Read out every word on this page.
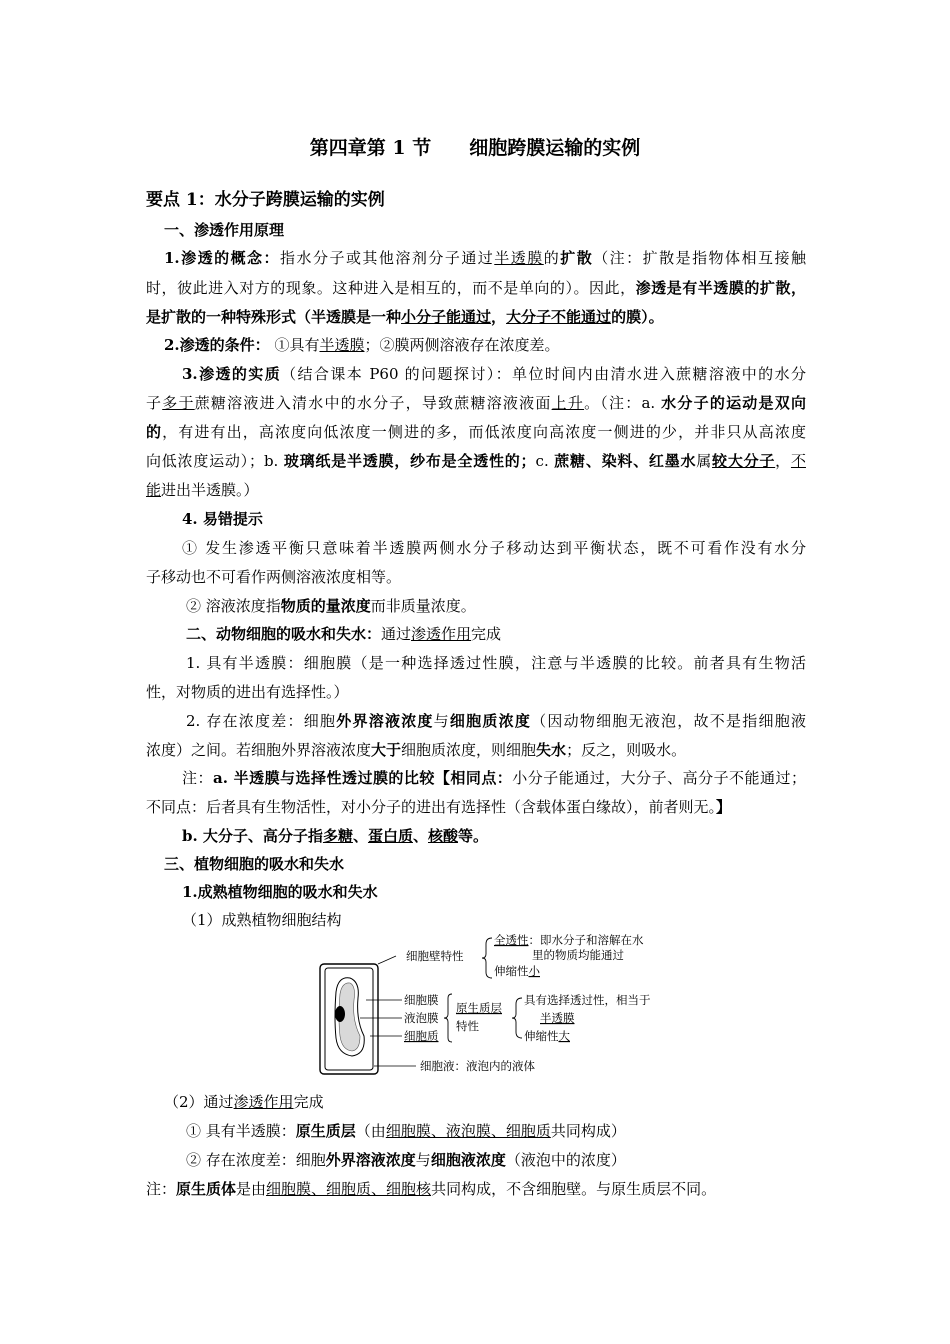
第四章第 1 节　　细胞跨膜运输的实例
要点 1：水分子跨膜运输的实例
一、渗透作用原理
1.渗透的概念：指水分子或其他溶剂分子通过半透膜的扩散（注：扩散是指物体相互接触
时，彼此进入对方的现象。这种进入是相互的，而不是单向的）。因此，渗透是有半透膜的扩散，
是扩散的一种特殊形式（半透膜是一种小分子能通过，大分子不能通过的膜）。
2.渗透的条件： ①具有半透膜；②膜两侧溶液存在浓度差。
3.渗透的实质（结合课本 P60 的问题探讨）：单位时间内由清水进入蔗糖溶液中的水分
子多于蔗糖溶液进入清水中的水分子，导致蔗糖溶液液面上升。（注：a. 水分子的运动是双向
的，有进有出，高浓度向低浓度一侧进的多，而低浓度向高浓度一侧进的少，并非只从高浓度
向低浓度运动）；b. 玻璃纸是半透膜，纱布是全透性的；c. 蔗糖、染料、红墨水属较大分子，不
能进出半透膜。）
4. 易错提示
① 发生渗透平衡只意味着半透膜两侧水分子移动达到平衡状态，既不可看作没有水分
子移动也不可看作两侧溶液浓度相等。
② 溶液浓度指物质的量浓度而非质量浓度。
二、动物细胞的吸水和失水：通过渗透作用完成
1. 具有半透膜：细胞膜（是一种选择透过性膜，注意与半透膜的比较。前者具有生物活
性，对物质的进出有选择性。）
2. 存在浓度差：细胞外界溶液浓度与细胞质浓度（因动物细胞无液泡，故不是指细胞液
浓度）之间。若细胞外界溶液浓度大于细胞质浓度，则细胞失水；反之，则吸水。
注：a. 半透膜与选择性透过膜的比较【相同点：小分子能通过，大分子、高分子不能通过；
不同点：后者具有生物活性，对小分子的进出有选择性（含载体蛋白缘故），前者则无。】
b. 大分子、高分子指多糖、蛋白质、核酸等。
三、植物细胞的吸水和失水
1.成熟植物细胞的吸水和失水
（1）成熟植物细胞结构
细胞壁特性
全透性：即水分子和溶解在水
里的物质均能通过
伸缩性小
细胞膜
液泡膜
细胞质
原生质层
特性
具有选择透过性，相当于
半透膜
伸缩性大
细胞液：液泡内的液体
（2）通过渗透作用完成
① 具有半透膜：原生质层（由细胞膜、液泡膜、细胞质共同构成）
② 存在浓度差：细胞外界溶液浓度与细胞液浓度（液泡中的浓度）
注：原生质体是由细胞膜、细胞质、细胞核共同构成，不含细胞壁。与原生质层不同。
